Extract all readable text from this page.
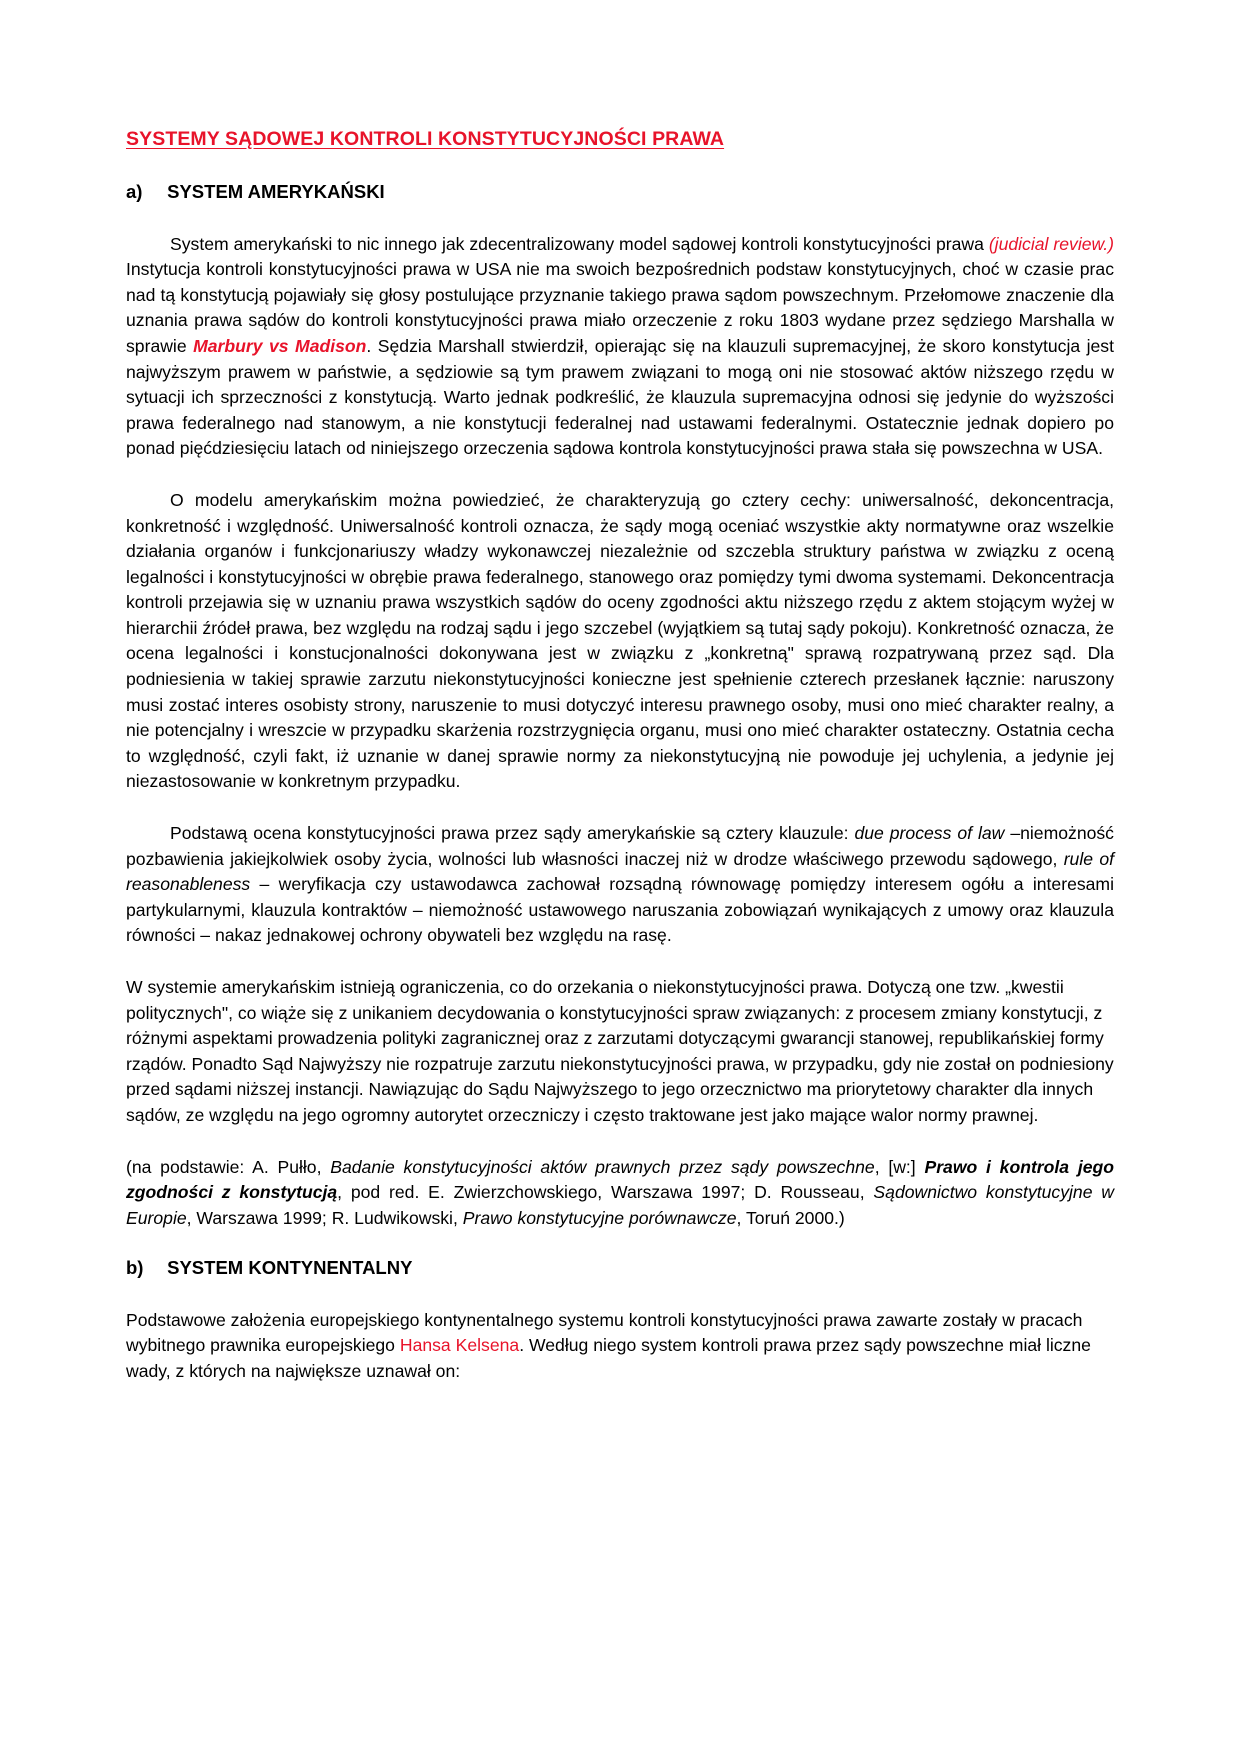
SYSTEMY SĄDOWEJ KONTROLI KONSTYTUCYJNOŚCI PRAWA
a)	SYSTEM AMERYKAŃSKI

System amerykański to nic innego jak zdecentralizowany model sądowej kontroli konstytucyjności prawa (judicial review.) Instytucja kontroli konstytucyjności prawa w USA nie ma swoich bezpośrednich podstaw konstytucyjnych, choć w czasie prac nad tą konstytucją pojawiały się głosy postulujące przyznanie takiego prawa sądom powszechnym. Przełomowe znaczenie dla uznania prawa sądów do kontroli konstytucyjności prawa miało orzeczenie z roku 1803 wydane przez sędziego Marshalla w sprawie Marbury vs Madison. Sędzia Marshall stwierdził, opierając się na klauzuli supremacyjnej, że skoro konstytucja jest najwyższym prawem w państwie, a sędziowie są tym prawem związani to mogą oni nie stosować aktów niższego rzędu w sytuacji ich sprzeczności z konstytucją. Warto jednak podkreślić, że klauzula supremacyjna odnosi się jedynie do wyższości prawa federalnego nad stanowym, a nie konstytucji federalnej nad ustawami federalnymi. Ostatecznie jednak dopiero po ponad pięćdziesięciu latach od niniejszego orzeczenia sądowa kontrola konstytucyjności prawa stała się powszechna w USA.

O modelu amerykańskim można powiedzieć, że charakteryzują go cztery cechy: uniwersalność, dekoncentracja, konkretność i względność. Uniwersalność kontroli oznacza, że sądy mogą oceniać wszystkie akty normatywne oraz wszelkie działania organów i funkcjonariuszy władzy wykonawczej niezależnie od szczebla struktury państwa w związku z oceną legalności i konstytucyjności w obrębie prawa federalnego, stanowego oraz pomiędzy tymi dwoma systemami. Dekoncentracja kontroli przejawia się w uznaniu prawa wszystkich sądów do oceny zgodności aktu niższego rzędu z aktem stojącym wyżej w hierarchii źródeł prawa, bez względu na rodzaj sądu i jego szczebel (wyjątkiem są tutaj sądy pokoju). Konkretność oznacza, że ocena legalności i konstucjonalności dokonywana jest w związku z „konkretną" sprawą rozpatrywaną przez sąd. Dla podniesienia w takiej sprawie zarzutu niekonstytucyjności konieczne jest spełnienie czterech przesłanek łącznie: naruszony musi zostać interes osobisty strony, naruszenie to musi dotyczyć interesu prawnego osoby, musi ono mieć charakter realny, a nie potencjalny i wreszcie w przypadku skarżenia rozstrzygnięcia organu, musi ono mieć charakter ostateczny. Ostatnia cecha to względność, czyli fakt, iż uznanie w danej sprawie normy za niekonstytucyjną nie powoduje jej uchylenia, a jedynie jej niezastosowanie w konkretnym przypadku.

Podstawą ocena konstytucyjności prawa przez sądy amerykańskie są cztery klauzule: due process of law –niemożność pozbawienia jakiejkolwiek osoby życia, wolności lub własności inaczej niż w drodze właściwego przewodu sądowego, rule of reasonableness – weryfikacja czy ustawodawca zachował rozsądną równowagę pomiędzy interesem ogółu a interesami partykularnymi, klauzula kontraktów – niemożność ustawowego naruszania zobowiązań wynikających z umowy oraz klauzula równości – nakaz jednakowej ochrony obywateli bez względu na rasę.

W systemie amerykańskim istnieją ograniczenia, co do orzekania o niekonstytucyjności prawa. Dotyczą one tzw. „kwestii politycznych", co wiąże się z unikaniem decydowania o konstytucyjności spraw związanych: z procesem zmiany konstytucji, z różnymi aspektami prowadzenia polityki zagranicznej oraz z zarzutami dotyczącymi gwarancji stanowej, republikańskiej formy rządów. Ponadto Sąd Najwyższy nie rozpatruje zarzutu niekonstytucyjności prawa, w przypadku, gdy nie został on podniesiony przed sądami niższej instancji. Nawiązując do Sądu Najwyższego to jego orzecznictwo ma priorytetowy charakter dla innych sądów, ze względu na jego ogromny autorytet orzeczniczy i często traktowane jest jako mające walor normy prawnej.

(na podstawie: A. Pułło, Badanie konstytucyjności aktów prawnych przez sądy powszechne, [w:] Prawo i kontrola jego zgodności z konstytucją, pod red. E. Zwierzchowskiego, Warszawa 1997; D. Rousseau, Sądownictwo konstytucyjne w Europie, Warszawa 1999; R. Ludwikowski, Prawo konstytucyjne porównawcze, Toruń 2000.)

b)	SYSTEM KONTYNENTALNY

Podstawowe założenia europejskiego kontynentalnego systemu kontroli konstytucyjności prawa zawarte zostały w pracach wybitnego prawnika europejskiego Hansa Kelsena. Według niego system kontroli prawa przez sądy powszechne miał liczne wady, z których na największe uznawał on:
